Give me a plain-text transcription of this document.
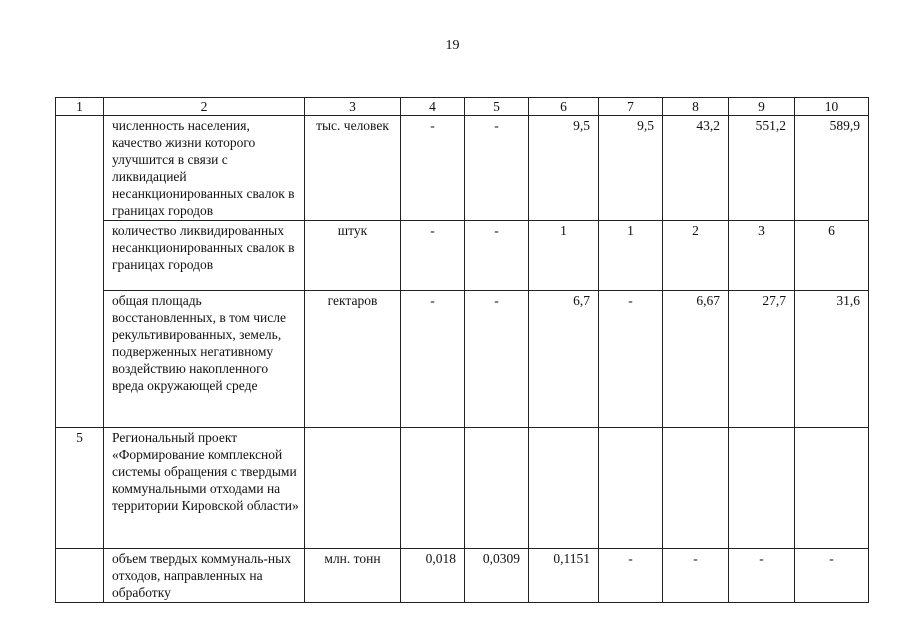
19
1	2	3	4	5	6	7	8	9	10
	численность населения, качество жизни которого улучшится в связи с ликвидацией несанкционированных свалок в границах городов	тыс. человек	-	-	9,5	9,5	43,2	551,2	589,9
	количество ликвидированных несанкционированных свалок в границах городов	штук	-	-	1	1	2	3	6
	общая площадь восстановленных, в том числе рекультивированных, земель, подверженных негативному воздействию накопленного вреда окружающей среде	гектаров	-	-	6,7	-	6,67	27,7	31,6
5	Региональный проект «Формирование комплексной системы обращения с твердыми коммунальными отходами на территории Кировской области»								
	объем твердых коммуналь-ных отходов, направленных на обработку	млн. тонн	0,018	0,0309	0,1151	-	-	-	-
